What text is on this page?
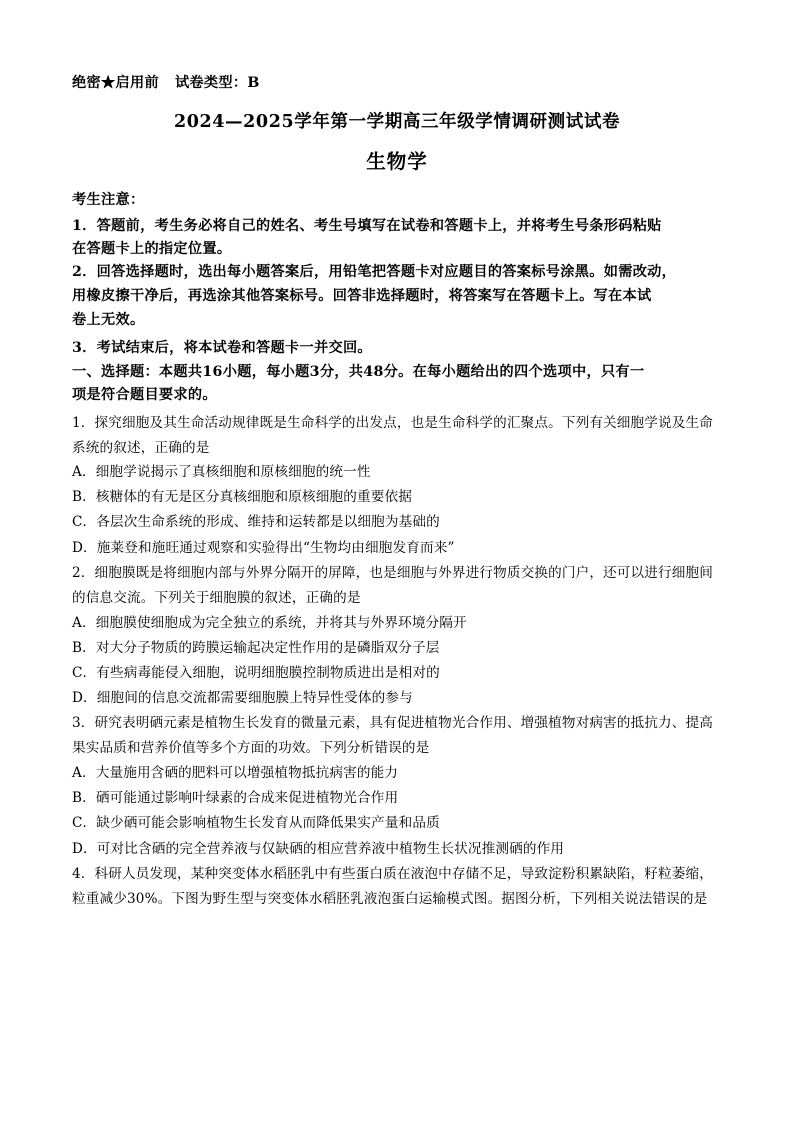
绝密★启用前 试卷类型：B
2024—2025学年第一学期高三年级学情调研测试试卷
生物学
考生注意：
1．答题前，考生务必将自己的姓名、考生号填写在试卷和答题卡上，并将考生号条形码粘贴
在答题卡上的指定位置。
2．回答选择题时，选出每小题答案后，用铅笔把答题卡对应题目的答案标号涂黑。如需改动，
用橡皮擦干净后，再选涂其他答案标号。回答非选择题时，将答案写在答题卡上。写在本试
卷上无效。
3．考试结束后，将本试卷和答题卡一并交回。
一、选择题：本题共16小题，每小题3分，共48分。在每小题给出的四个选项中，只有一
项是符合题目要求的。
1．探究细胞及其生命活动规律既是生命科学的出发点，也是生命科学的汇聚点。下列有关细胞学说及生命
系统的叙述，正确的是
A．细胞学说揭示了真核细胞和原核细胞的统一性
B．核糖体的有无是区分真核细胞和原核细胞的重要依据
C．各层次生命系统的形成、维持和运转都是以细胞为基础的
D．施莱登和施旺通过观察和实验得出“生物均由细胞发育而来”
2．细胞膜既是将细胞内部与外界分隔开的屏障，也是细胞与外界进行物质交换的门户，还可以进行细胞间
的信息交流。下列关于细胞膜的叙述，正确的是
A．细胞膜使细胞成为完全独立的系统，并将其与外界环境分隔开
B．对大分子物质的跨膜运输起决定性作用的是磷脂双分子层
C．有些病毒能侵入细胞，说明细胞膜控制物质进出是相对的
D．细胞间的信息交流都需要细胞膜上特异性受体的参与
3．研究表明硒元素是植物生长发育的微量元素，具有促进植物光合作用、增强植物对病害的抵抗力、提高
果实品质和营养价值等多个方面的功效。下列分析错误的是
A．大量施用含硒的肥料可以增强植物抵抗病害的能力
B．硒可能通过影响叶绿素的合成来促进植物光合作用
C．缺少硒可能会影响植物生长发育从而降低果实产量和品质
D．可对比含硒的完全营养液与仅缺硒的相应营养液中植物生长状况推测硒的作用
4．科研人员发现，某种突变体水稻胚乳中有些蛋白质在液泡中存储不足，导致淀粉积累缺陷，籽粒萎缩，
粒重减少30%。下图为野生型与突变体水稻胚乳液泡蛋白运输模式图。据图分析，下列相关说法错误的是
